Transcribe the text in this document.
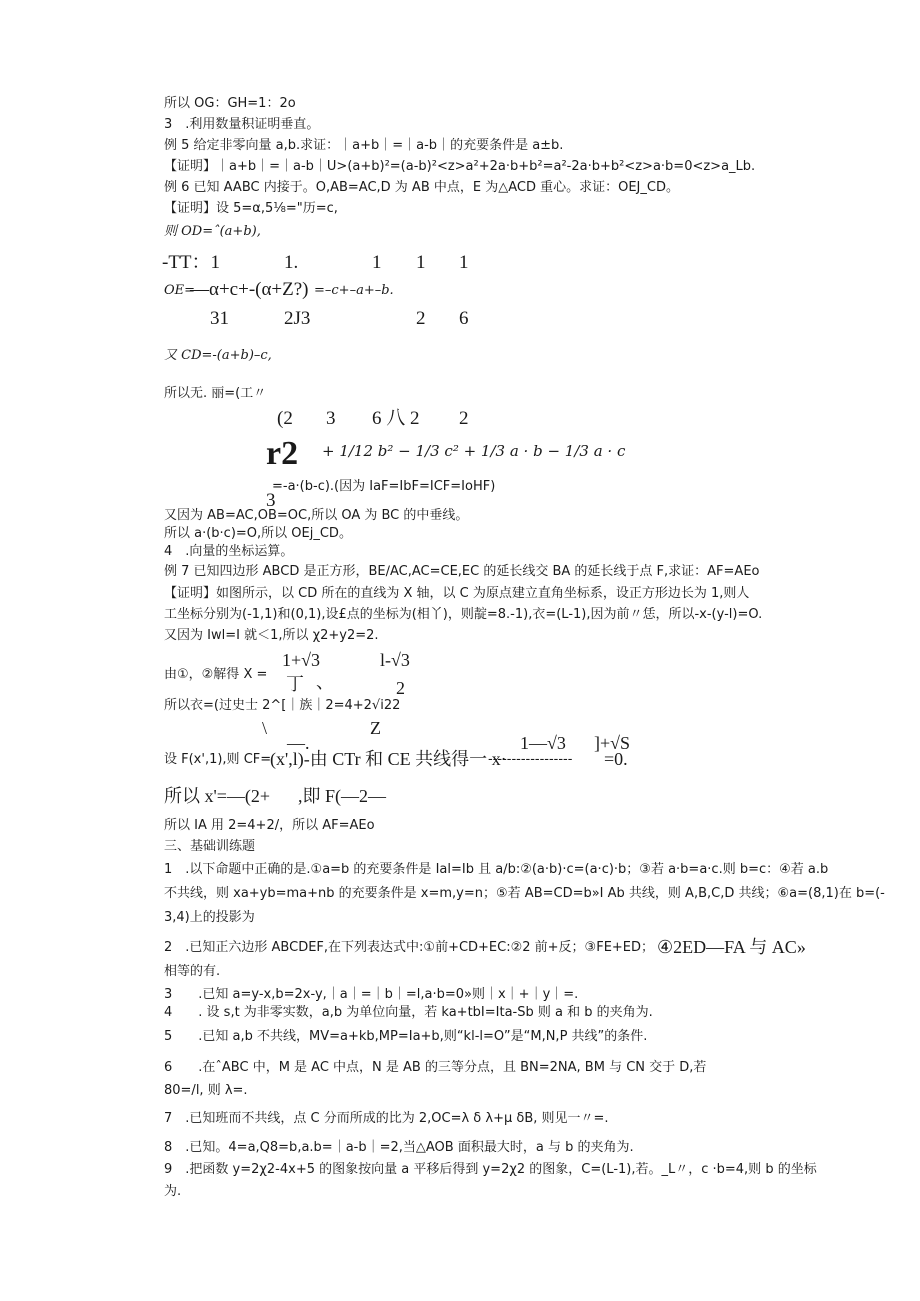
所以 OG：GH=1：2o
3　.利用数量积证明垂直。
例 5 给定非零向量 a,b.求证：｜a+b｜=｜a-b｜的充要条件是 a±b.
【证明】｜a+b｜=｜a-b｜U>(a+b)²=(a-b)²<z>a²+2a·b+b²=a²-2a·b+b²<z>a·b=0<z>a_Lb.
例 6 已知 AABC 内接于。O,AB=AC,D 为 AB 中点，E 为△ACD 重心。求证：OEJ_CD。
【证明】设 5=α,5⅛="历=c,
则 OD=ˆ(a+b),
-TT：1	1.	1 1 1
OE=
—α+c+-(α+Z?) =–c+–a+–b.
31	2J3	2 6
又 CD=-(a+b)–c,
所以无. 丽=(工〃
(2 3 6 八 2 2
r2 + 1/12 b² − 1/3 c² + 1/3 a · b − 1/3 a · c
=-a·(b-c).(因为 IaF=IbF=ICF=IoHF)
3
又因为 AB=AC,OB=OC,所以 OA 为 BC 的中垂线。
所以 a·(b·c)=O,所以 OEj_CD。
4　.向量的坐标运算。
例 7 已知四边形 ABCD 是正方形，BE∕AC,AC=CE,EC 的延长线交 BA 的延长线于点 F,求证：AF=AEo
【证明】如图所示，以 CD 所在的直线为 X 轴，以 C 为原点建立直角坐标系，设正方形边长为 1,则人
工坐标分别为(-1,1)和(0,1),设£点的坐标为(相丫)，则靛=8.-1),衣=(L-1),因为前〃恁，所以-x-(y-l)=O.
又因为 Iwl=I 就＜1,所以 χ2+y2=2.
由①，②解得 X =
1+√3	l-√3
丁 、	2
所以衣=(过史士 2^[｜族｜2=4+2√i22
\	Z
—.	1—√3 ]+√S
设 F(x',1),则 CF=
(x',l)-由 CTr 和 CE 共线得一 x·
------------------ =0.
所以 x'=—(2+ ,即 F(—2—
所以 IA 用 2=4+2/，所以 AF=AEo
三、基础训练题
1　.以下命题中正确的是.①a=b 的充要条件是 Ial=Ib 且 a∕b:②(a·b)·c=(a·c)·b；③若 a·b=a·c.则 b=c：④若 a.b
不共线，则 xa+yb=ma+nb 的充要条件是 x=m,y=n；⑤若 AB=CD=b»Ι Ab 共线，则 A,B,C,D 共线；⑥a=(8,1)在 b=(-
3,4)上的投影为
2　.已知正六边形 ABCDEF,在下列表达式中:①前+CD+EC:②2 前+反；③FE+ED； ④2ED—FA 与 AC»
相等的有.
3　　.已知 a=y-x,b=2x-y,｜a｜=｜b｜=l,a·b=0»则｜x｜+｜y｜=.
4　　. 设 s,t 为非零实数，a,b 为单位向量，若 ka+tbI=Ita-Sb 则 a 和 b 的夹角为.
5　　.已知 a,b 不共线，MV=a+kb,MP=Ia+b,则“kl-l=O”是“M,N,P 共线”的条件.
6　　.在ˆABC 中，M 是 AC 中点，N 是 AB 的三等分点，且 BN=2NA, BM 与 CN 交于 D,若
80=/l, 则 λ=.
7　.已知班而不共线，点 C 分而所成的比为 2,OC=λ δ λ+μ δB, 则见一〃=.
8　.已知。4=a,Q8=b,a.b=｜a-b｜=2,当△AOB 面积最大时，a 与 b 的夹角为.
9　.把函数 y=2χ2-4x+5 的图象按向量 a 平移后得到 y=2χ2 的图象，C=(L-1),若。_L〃，c ·b=4,则 b 的坐标
为.
